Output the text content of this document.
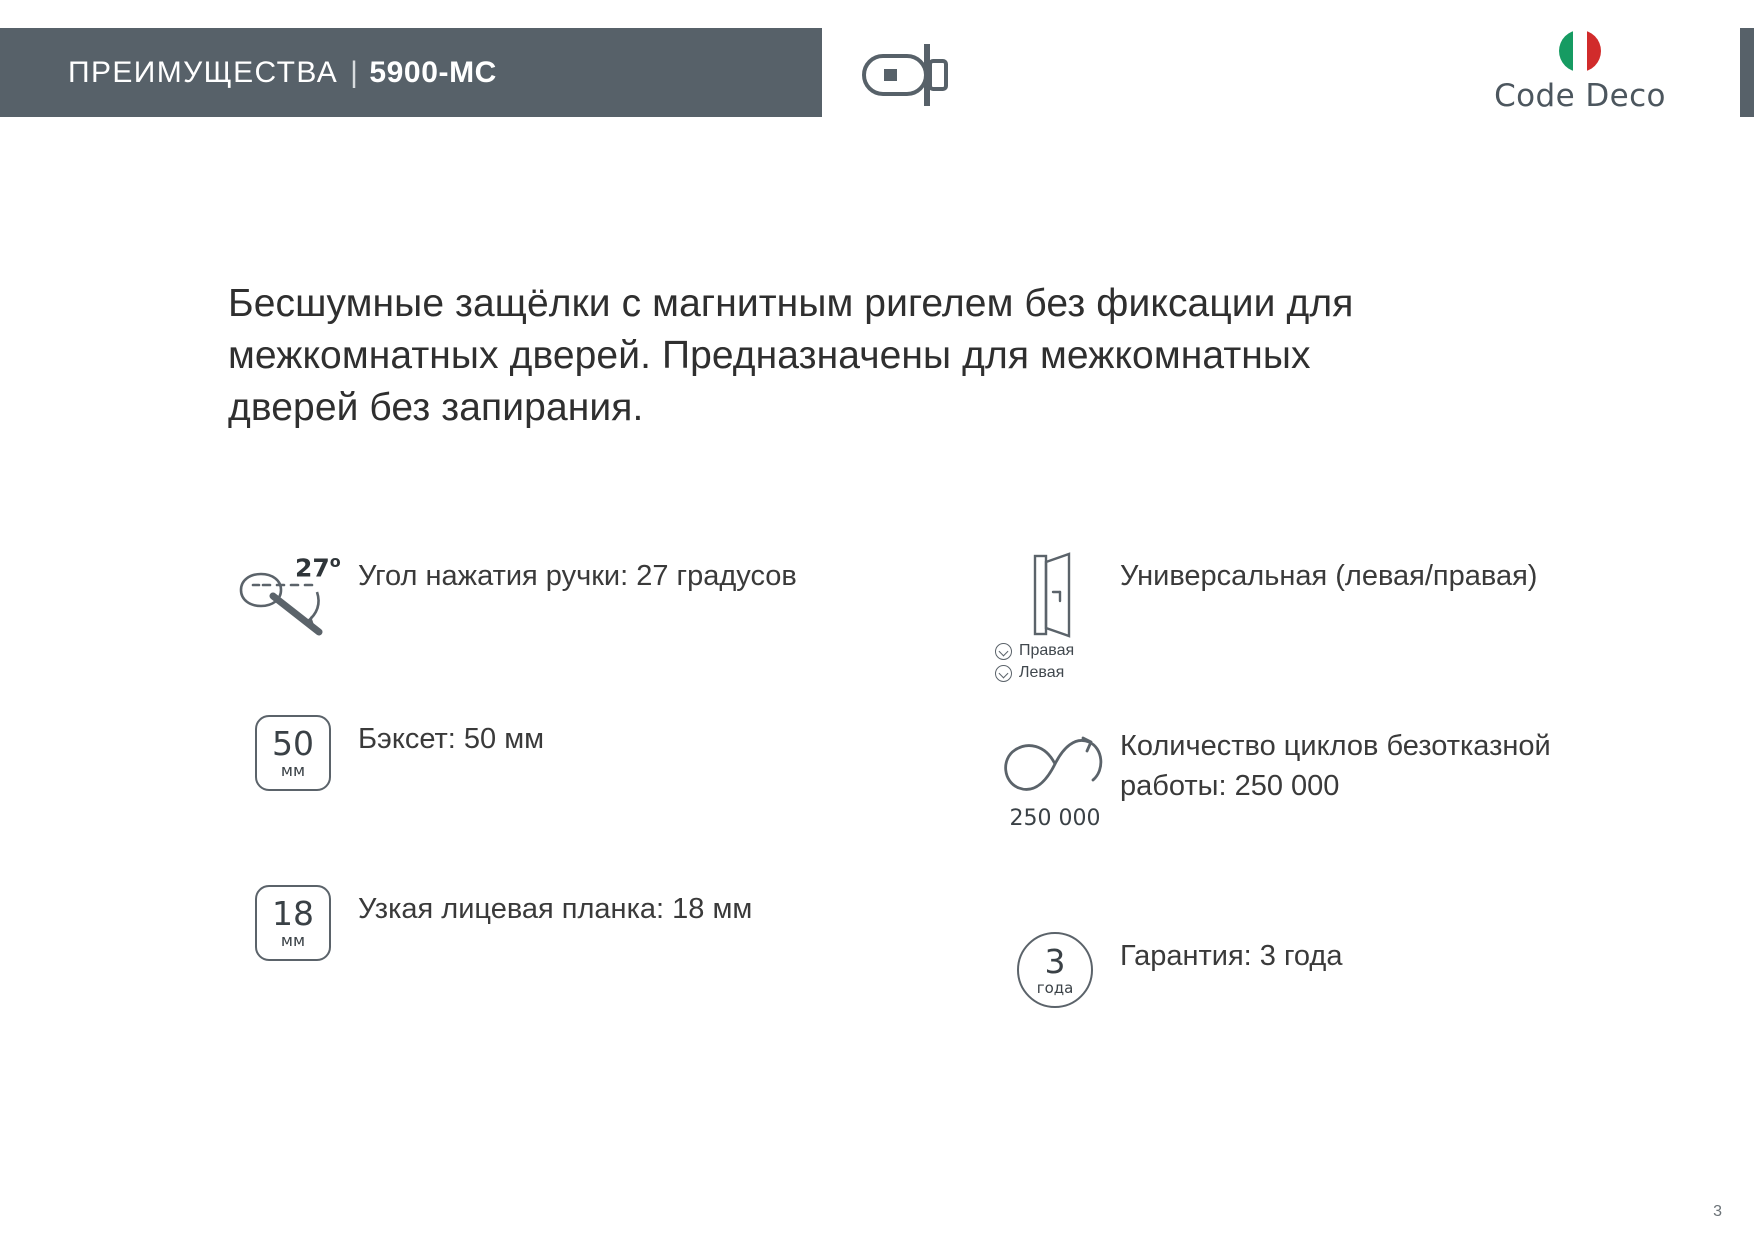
ПРЕИМУЩЕСТВА | 5900-MC
Code Deco
Бесшумные защёлки с магнитным ригелем без фиксации для межкомнатных дверей. Предназначены для межкомнатных дверей без запирания.
27$^o$ Угол нажатия ручки: 27 градусов
50
мм
Бэксет: 50 мм
18
мм
Узкая лицевая планка: 18 мм
Правая
Левая
Универсальная (левая/правая)
250 000
Количество циклов безотказной работы: 250 000
3
года
Гарантия: 3 года
3
